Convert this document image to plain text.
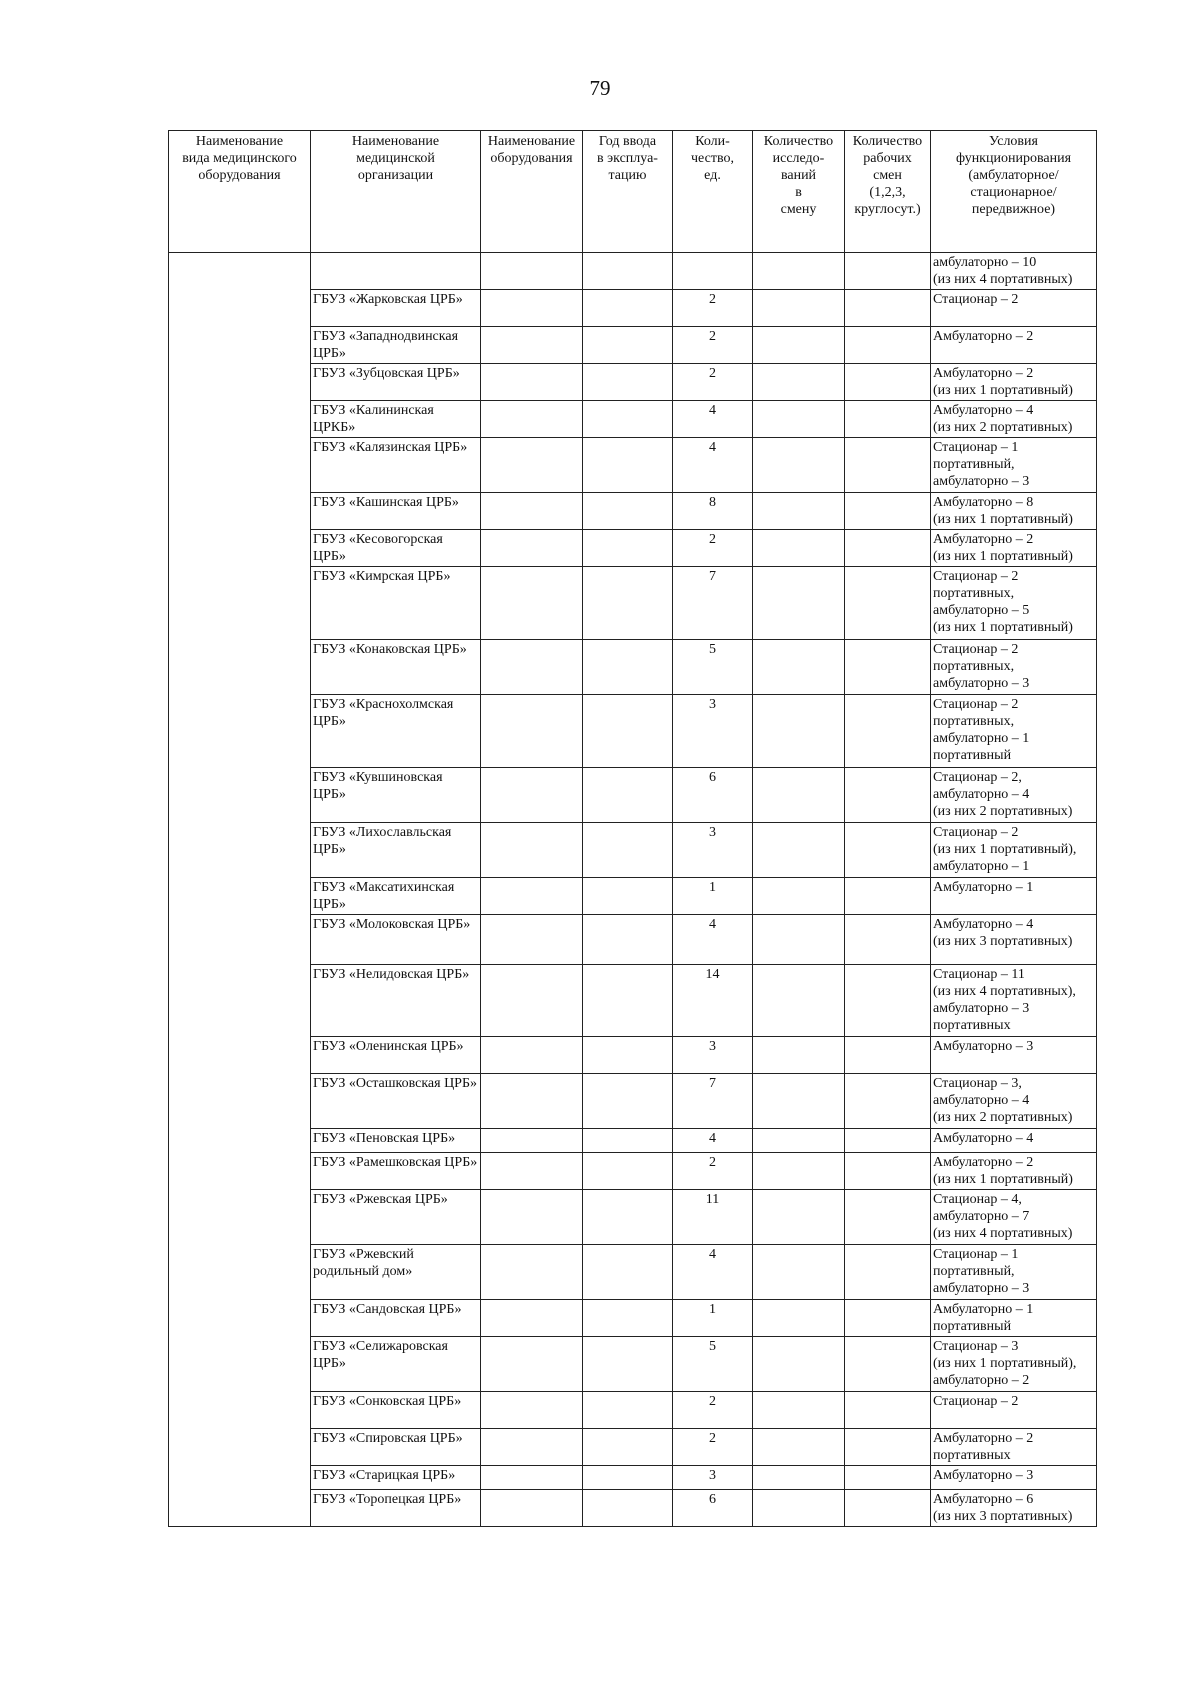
79
Наименование
вида медицинского
оборудования	Наименование
медицинской
организации	Наименование
оборудования	Год ввода
в эксплуа-
тацию	Коли-
чество,
ед.	Количество
исследо-
ваний
в
смену	Количество
рабочих
смен
(1,2,3,
круглосут.)	Условия
функционирования
(амбулаторное/
стационарное/
передвижное)
							амбулаторно – 10
(из них 4 портативных)
	ГБУЗ «Жарковская ЦРБ»			2			Стационар – 2
	ГБУЗ «Западнодвинская ЦРБ»			2			Амбулаторно – 2
	ГБУЗ «Зубцовская ЦРБ»			2			Амбулаторно – 2
(из них 1 портативный)
	ГБУЗ «Калининская ЦРКБ»			4			Амбулаторно – 4
(из них 2 портативных)
	ГБУЗ «Калязинская ЦРБ»			4			Стационар – 1
портативный,
амбулаторно – 3
	ГБУЗ «Кашинская ЦРБ»			8			Амбулаторно – 8
(из них 1 портативный)
	ГБУЗ «Кесовогорская ЦРБ»			2			Амбулаторно – 2
(из них 1 портативный)
	ГБУЗ «Кимрская ЦРБ»			7			Стационар – 2
портативных,
амбулаторно – 5
(из них 1 портативный)
	ГБУЗ «Конаковская ЦРБ»			5			Стационар – 2
портативных,
амбулаторно – 3
	ГБУЗ «Краснохолмская ЦРБ»			3			Стационар – 2
портативных,
амбулаторно – 1
портативный
	ГБУЗ «Кувшиновская ЦРБ»			6			Стационар – 2,
амбулаторно – 4
(из них 2 портативных)
	ГБУЗ «Лихославльская ЦРБ»			3			Стационар – 2
(из них 1 портативный),
амбулаторно – 1
	ГБУЗ «Максатихинская ЦРБ»			1			Амбулаторно – 1
	ГБУЗ «Молоковская ЦРБ»			4			Амбулаторно – 4
(из них 3 портативных)
	ГБУЗ «Нелидовская ЦРБ»			14			Стационар – 11
(из них 4 портативных),
амбулаторно – 3
портативных
	ГБУЗ «Оленинская ЦРБ»			3			Амбулаторно – 3
	ГБУЗ «Осташковская ЦРБ»			7			Стационар – 3,
амбулаторно – 4
(из них 2 портативных)
	ГБУЗ «Пеновская ЦРБ»			4			Амбулаторно – 4
	ГБУЗ «Рамешковская ЦРБ»			2			Амбулаторно – 2
(из них 1 портативный)
	ГБУЗ «Ржевская ЦРБ»			11			Стационар – 4,
амбулаторно – 7
(из них 4 портативных)
	ГБУЗ «Ржевский родильный дом»			4			Стационар – 1
портативный,
амбулаторно – 3
	ГБУЗ «Сандовская ЦРБ»			1			Амбулаторно – 1
портативный
	ГБУЗ «Селижаровская ЦРБ»			5			Стационар – 3
(из них 1 портативный),
амбулаторно – 2
	ГБУЗ «Сонковская ЦРБ»			2			Стационар – 2
	ГБУЗ «Спировская ЦРБ»			2			Амбулаторно – 2
портативных
	ГБУЗ «Старицкая ЦРБ»			3			Амбулаторно – 3
	ГБУЗ «Торопецкая ЦРБ»			6			Амбулаторно – 6
(из них 3 портативных)
